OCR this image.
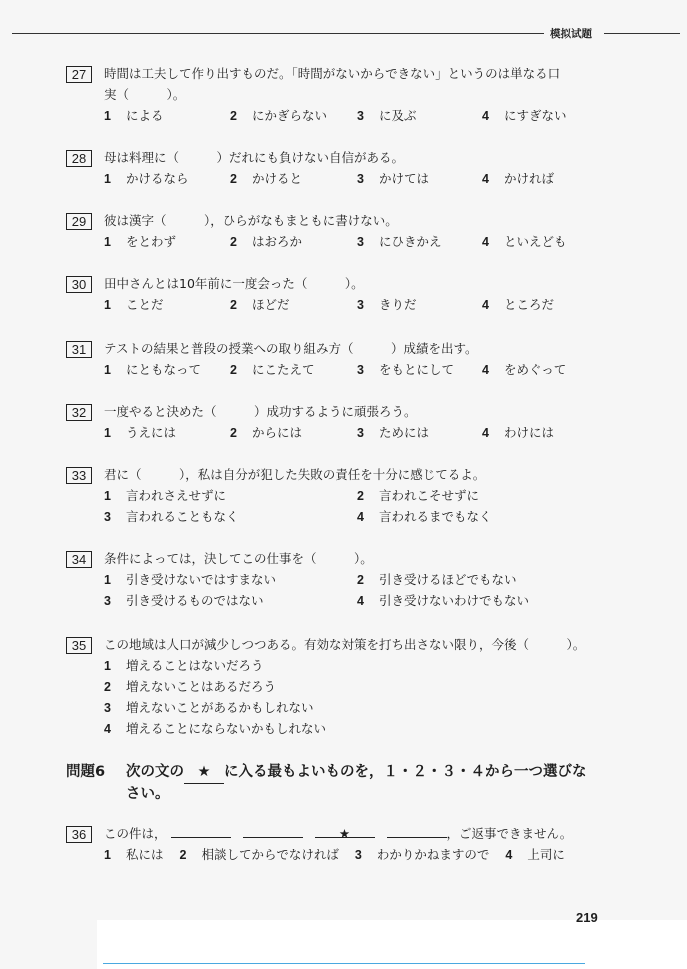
模拟试题
27	時間は工夫して作り出すものだ。「時間がないからできない」というのは単なる口
実（　　　）。
1 による	2 にかぎらない 3 に及ぶ	4 にすぎない
28	母は料理に（　　　）だれにも負けない自信がある。
1 かけるなら	2 かけると	3 かけては	4 かければ
29	彼は漢字（　　　），ひらがなもまともに書けない。
1 をとわず	2 はおろか	3 にひきかえ	4 といえども
30	田中さんとは10年前に一度会った（　　　）。
1 ことだ	2 ほどだ	3 きりだ	4 ところだ
31	テストの結果と普段の授業への取り組み方（　　　）成績を出す。
1 にともなって 2 にこたえて	3 をもとにして 4 をめぐって
32	一度やると決めた（　　　）成功するように頑張ろう。
1 うえには	2 からには	3 ためには	4 わけには
33	君に（　　　），私は自分が犯した失敗の責任を十分に感じてるよ。
1 言われさえせずに	2 言われこそせずに
3 言われることもなく	4 言われるまでもなく
34	条件によっては，決してこの仕事を（　　　）。
1 引き受けないではすまない	2 引き受けるほどでもない
3 引き受けるものではない	4 引き受けないわけでもない
35	この地域は人口が減少しつつある。有効な対策を打ち出さない限り，今後（　　　）。
1 増えることはないだろう
2 増えないことはあるだろう
3 増えないことがあるかもしれない
4 増えることにならないかもしれない
問題6 次の文の ★ に入る最もよいものを，１・２・３・４から一つ選びな
さい。
36	この件は，	★	，ご返事できません。
1 私には 2 相談してからでなければ 3 わかりかねますので 4 上司に
219
